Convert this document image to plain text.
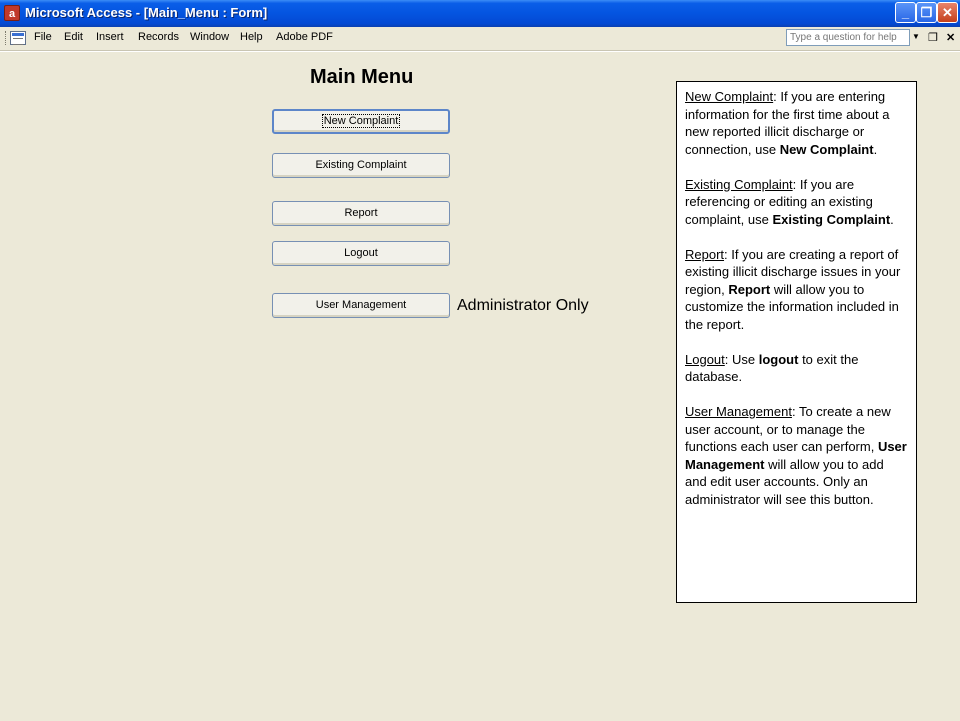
a Microsoft Access - [Main_Menu : Form]	_ ❐ ✕
File Edit Insert Records Window Help Adobe PDF	Type a question for help	▼ ❐ ✕
Main Menu
New Complaint
Existing Complaint
Report
Logout
User Management	Administrator Only

New Complaint: If you are entering information for the first time about a new reported illicit discharge or connection, use New Complaint.

Existing Complaint: If you are referencing or editing an existing complaint, use Existing Complaint.

Report: If you are creating a report of existing illicit discharge issues in your region, Report will allow you to customize the information included in the report.

Logout: Use logout to exit the database.

User Management: To create a new user account, or to manage the functions each user can perform, User Management will allow you to add and edit user accounts. Only an administrator will see this button.
